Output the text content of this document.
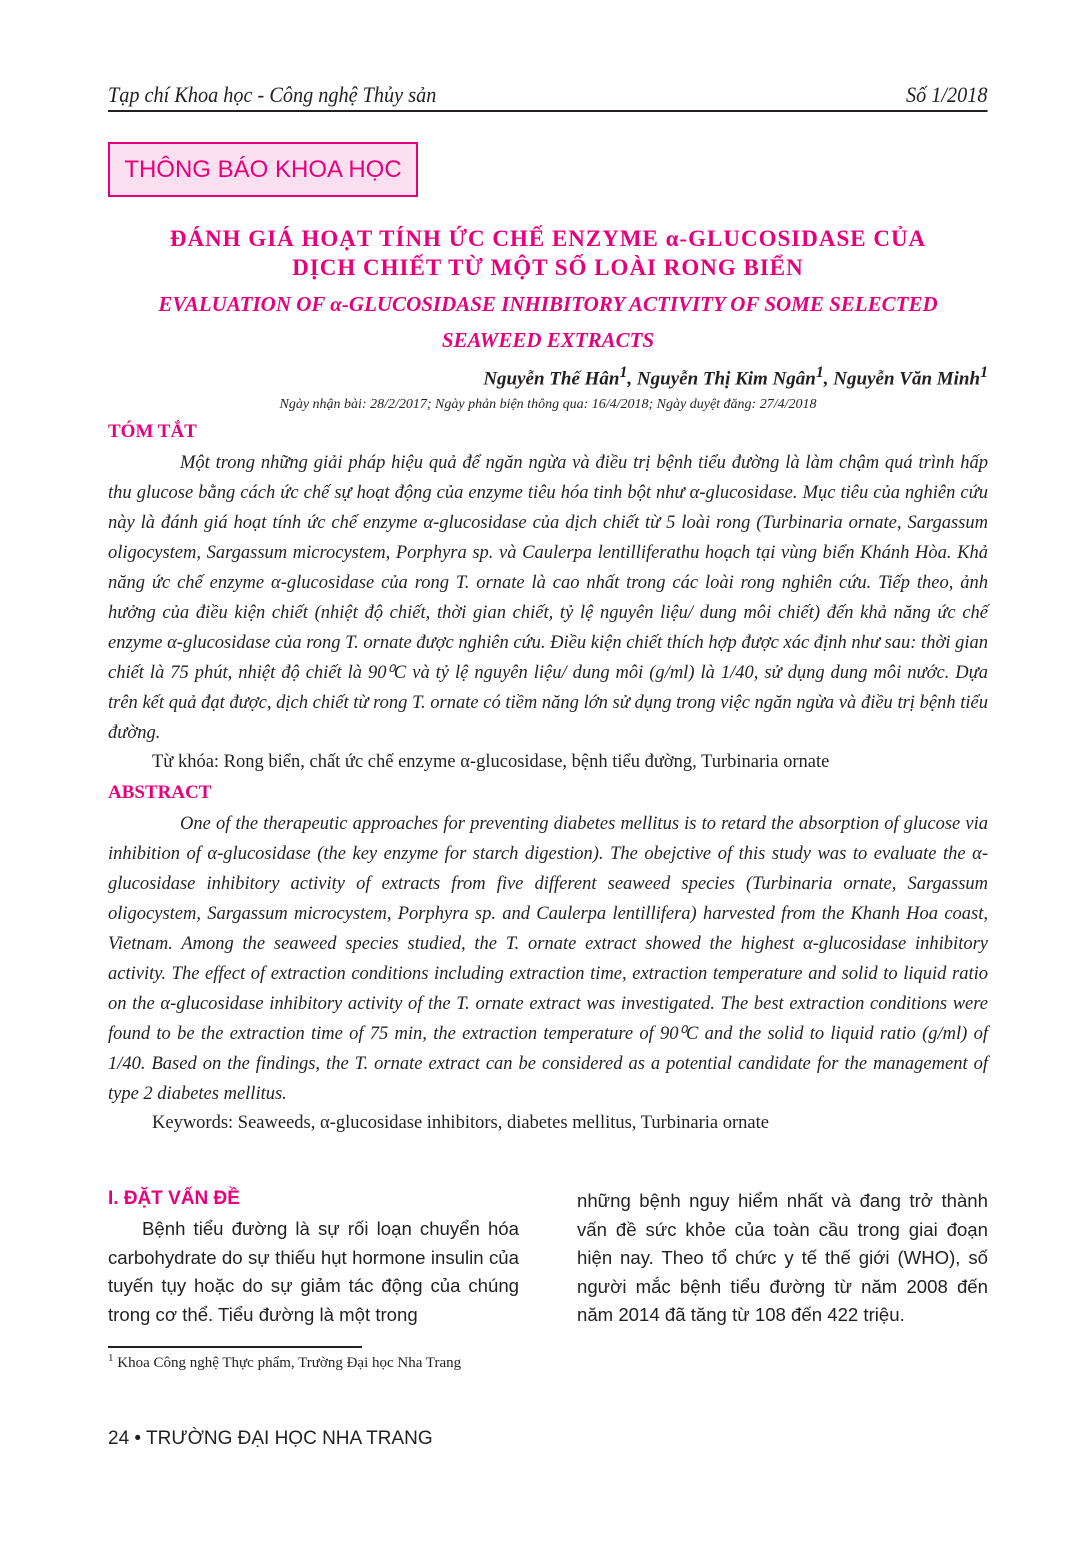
Tạp chí Khoa học - Công nghệ Thủy sản	Số 1/2018
THÔNG BÁO KHOA HỌC
ĐÁNH GIÁ HOẠT TÍNH ỨC CHẾ ENZYME α-GLUCOSIDASE CỦA
DỊCH CHIẾT TỪ MỘT SỐ LOÀI RONG BIỂN
EVALUATION OF α-GLUCOSIDASE INHIBITORY ACTIVITY OF SOME SELECTED
SEAWEED EXTRACTS
Nguyễn Thế Hân$^1$, Nguyễn Thị Kim Ngân$^1$, Nguyễn Văn Minh$^1$
Ngày nhận bài: 28/2/2017; Ngày phản biện thông qua: 16/4/2018; Ngày duyệt đăng: 27/4/2018
TÓM TẮT
Một trong những giải pháp hiệu quả để ngăn ngừa và điều trị bệnh tiểu đường là làm chậm quá trình hấp thu glucose bằng cách ức chế sự hoạt động của enzyme tiêu hóa tinh bột như α-glucosidase. Mục tiêu của nghiên cứu này là đánh giá hoạt tính ức chế enzyme α-glucosidase của dịch chiết từ 5 loài rong (Turbinaria ornate, Sargassum oligocystem, Sargassum microcystem, Porphyra sp. và Caulerpa lentilliferathu hoạch tại vùng biển Khánh Hòa. Khả năng ức chế enzyme α-glucosidase của rong T. ornate là cao nhất trong các loài rong nghiên cứu. Tiếp theo, ảnh hưởng của điều kiện chiết (nhiệt độ chiết, thời gian chiết, tỷ lệ nguyên liệu/ dung môi chiết) đến khả năng ức chế enzyme α-glucosidase của rong T. ornate được nghiên cứu. Điều kiện chiết thích hợp được xác định như sau: thời gian chiết là 75 phút, nhiệt độ chiết là 90⁰C và tỷ lệ nguyên liệu/ dung môi (g/ml) là 1/40, sử dụng dung môi nước. Dựa trên kết quả đạt được, dịch chiết từ rong T. ornate có tiềm năng lớn sử dụng trong việc ngăn ngừa và điều trị bệnh tiểu đường.
Từ khóa: Rong biển, chất ức chế enzyme α-glucosidase, bệnh tiểu đường, Turbinaria ornate
ABSTRACT
One of the therapeutic approaches for preventing diabetes mellitus is to retard the absorption of glucose via inhibition of α-glucosidase (the key enzyme for starch digestion). The obejctive of this study was to evaluate the α-glucosidase inhibitory activity of extracts from five different seaweed species (Turbinaria ornate, Sargassum oligocystem, Sargassum microcystem, Porphyra sp. and Caulerpa lentillifera) harvested from the Khanh Hoa coast, Vietnam. Among the seaweed species studied, the T. ornate extract showed the highest α-glucosidase inhibitory activity. The effect of extraction conditions including extraction time, extraction temperature and solid to liquid ratio on the α-glucosidase inhibitory activity of the T. ornate extract was investigated. The best extraction conditions were found to be the extraction time of 75 min, the extraction temperature of 90⁰C and the solid to liquid ratio (g/ml) of 1/40. Based on the findings, the T. ornate extract can be considered as a potential candidate for the management of type 2 diabetes mellitus.
Keywords: Seaweeds, α-glucosidase inhibitors, diabetes mellitus, Turbinaria ornate
I. ĐẶT VẤN ĐỀ
Bệnh tiểu đường là sự rối loạn chuyển hóa carbohydrate do sự thiếu hụt hormone insulin của tuyến tụy hoặc do sự giảm tác động của chúng trong cơ thể. Tiểu đường là một trong
những bệnh nguy hiểm nhất và đang trở thành vấn đề sức khỏe của toàn cầu trong giai đoạn hiện nay. Theo tổ chức y tế thế giới (WHO), số người mắc bệnh tiểu đường từ năm 2008 đến năm 2014 đã tăng từ 108 đến 422 triệu.
$^1$ Khoa Công nghệ Thực phẩm, Trường Đại học Nha Trang
24 • TRƯỜNG ĐẠI HỌC NHA TRANG
